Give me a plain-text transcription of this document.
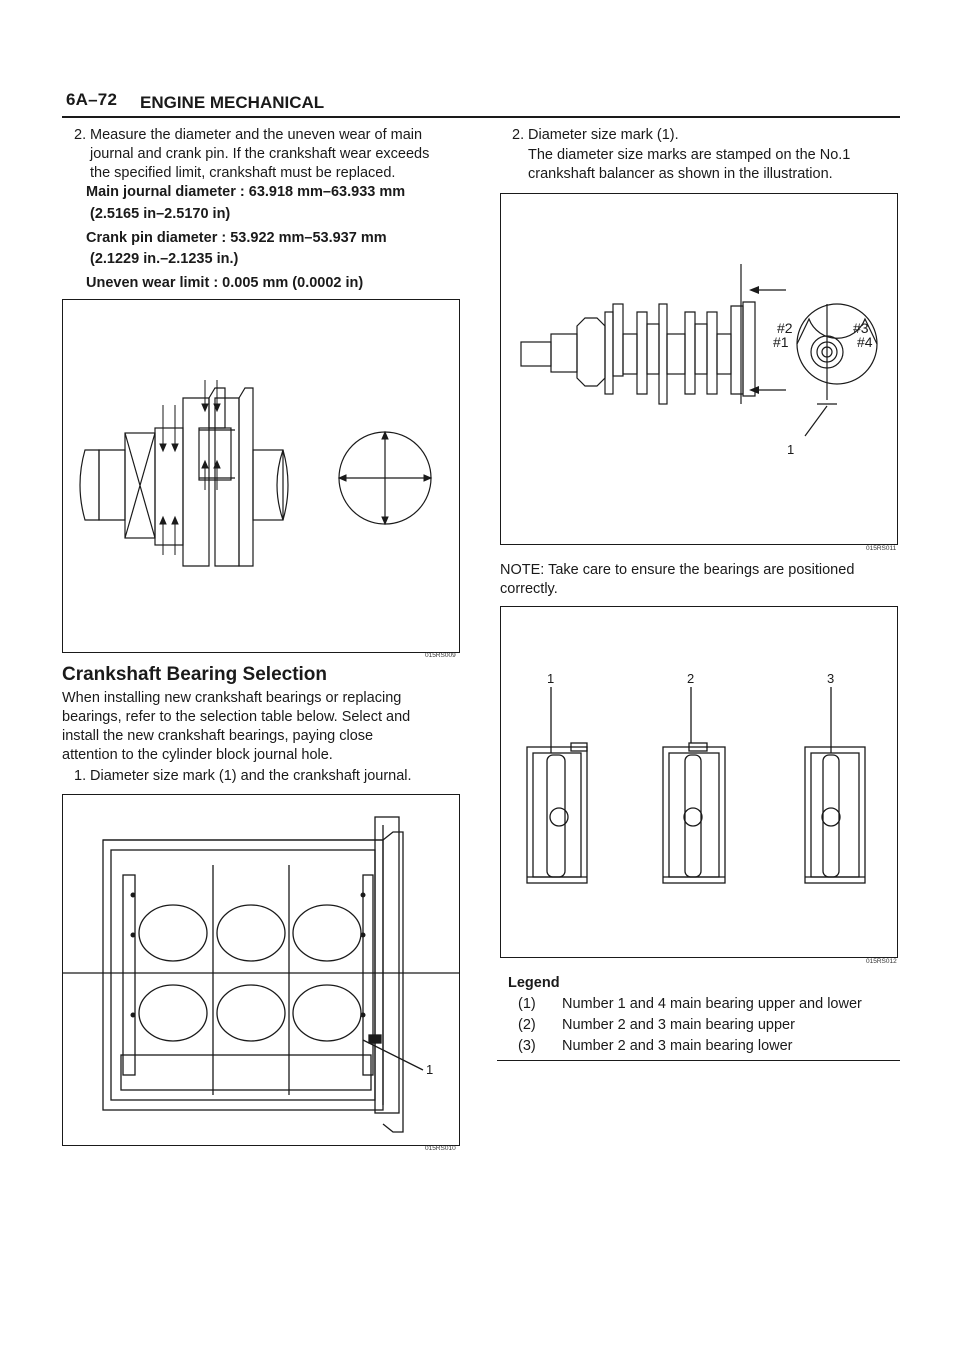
6A–72 ENGINE MECHANICAL
2. Measure the diameter and the uneven wear of main
journal and crank pin. If the crankshaft wear exceeds
the specified limit, crankshaft must be replaced.
Main journal diameter : 63.918 mm–63.933 mm
(2.5165 in–2.5170 in)
Crank pin diameter : 53.922 mm–53.937 mm
(2.1229 in.–2.1235 in.)
Uneven wear limit : 0.005 mm (0.0002 in)
015RS009
Crankshaft Bearing Selection
When installing new crankshaft bearings or replacing
bearings, refer to the selection table below. Select and
install the new crankshaft bearings, paying close
attention to the cylinder block journal hole.
1. Diameter size mark (1) and the crankshaft journal.
1
015RS010
2. Diameter size mark (1).
The diameter size marks are stamped on the No.1
crankshaft balancer as shown in the illustration.
#2	#3
#1	#4
1
015RS011
NOTE: Take care to ensure the bearings are positioned
correctly.
1	2	3
015RS012
Legend
(1)	Number 1 and 4 main bearing upper and lower
(2)	Number 2 and 3 main bearing upper
(3)	Number 2 and 3 main bearing lower
